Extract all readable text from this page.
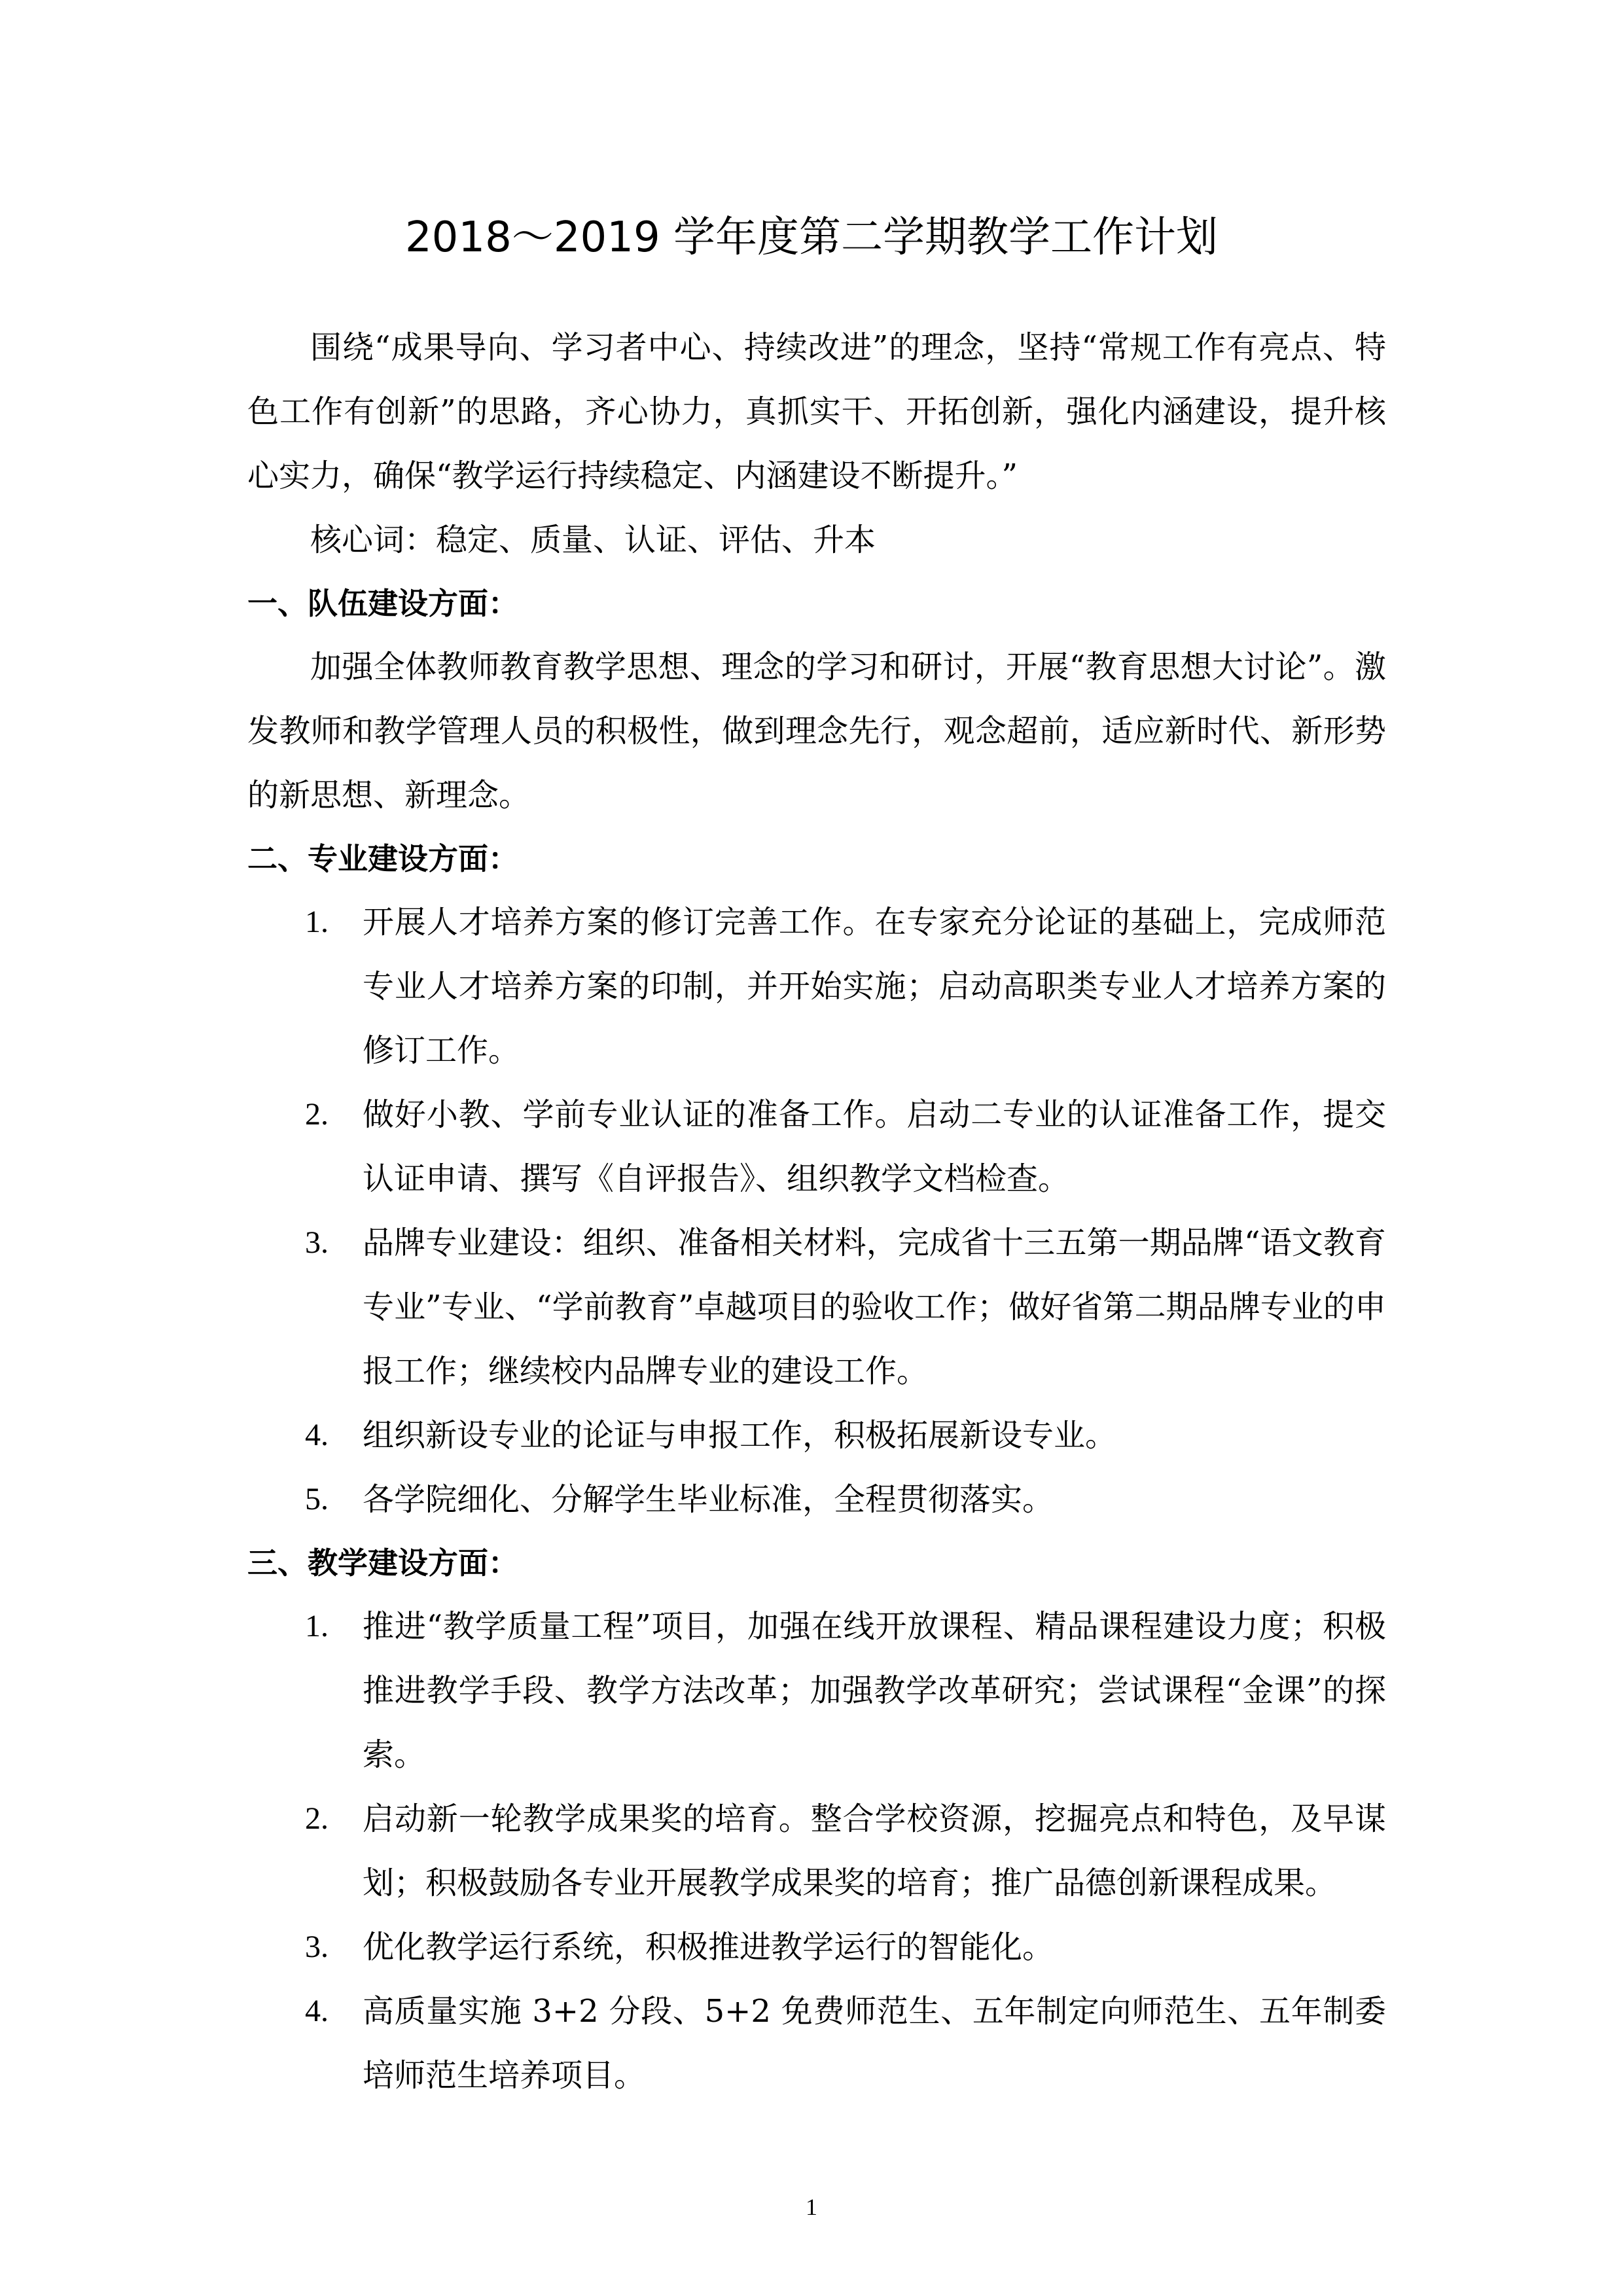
2018～2019 学年度第二学期教学工作计划

围绕“成果导向、学习者中心、持续改进”的理念，坚持“常规工作有亮点、特色工作有创新”的思路，齐心协力，真抓实干、开拓创新，强化内涵建设，提升核心实力，确保“教学运行持续稳定、内涵建设不断提升。”

核心词：稳定、质量、认证、评估、升本

一、队伍建设方面：

加强全体教师教育教学思想、理念的学习和研讨，开展“教育思想大讨论”。激发教师和教学管理人员的积极性，做到理念先行，观念超前，适应新时代、新形势的新思想、新理念。

二、专业建设方面：
1. 开展人才培养方案的修订完善工作。在专家充分论证的基础上，完成师范专业人才培养方案的印制，并开始实施；启动高职类专业人才培养方案的修订工作。
2. 做好小教、学前专业认证的准备工作。启动二专业的认证准备工作，提交认证申请、撰写《自评报告》、组织教学文档检查。
3. 品牌专业建设：组织、准备相关材料，完成省十三五第一期品牌“语文教育专业”专业、“学前教育”卓越项目的验收工作；做好省第二期品牌专业的申报工作；继续校内品牌专业的建设工作。
4. 组织新设专业的论证与申报工作，积极拓展新设专业。
5. 各学院细化、分解学生毕业标准，全程贯彻落实。
三、教学建设方面：
1. 推进“教学质量工程”项目，加强在线开放课程、精品课程建设力度；积极推进教学手段、教学方法改革；加强教学改革研究；尝试课程“金课”的探索。
2. 启动新一轮教学成果奖的培育。整合学校资源，挖掘亮点和特色，及早谋划；积极鼓励各专业开展教学成果奖的培育；推广品德创新课程成果。
3. 优化教学运行系统，积极推进教学运行的智能化。
4. 高质量实施 3+2 分段、5+2 免费师范生、五年制定向师范生、五年制委培师范生培养项目。
1
